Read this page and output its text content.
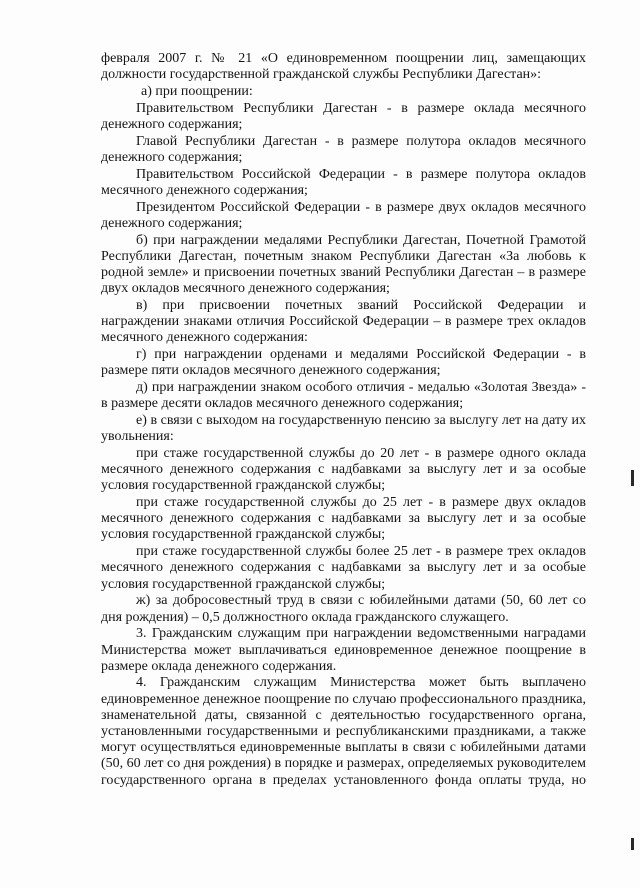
февраля 2007 г. № 21 «О единовременном поощрении лиц, замещающих должности государственной гражданской службы Республики Дагестан»:

а) при поощрении:

Правительством Республики Дагестан - в размере оклада месячного денежного содержания;

Главой Республики Дагестан - в размере полутора окладов месячного денежного содержания;

Правительством Российской Федерации - в размере полутора окладов месячного денежного содержания;

Президентом Российской Федерации - в размере двух окладов месячного денежного содержания;

б) при награждении медалями Республики Дагестан, Почетной Грамотой Республики Дагестан, почетным знаком Республики Дагестан «За любовь к родной земле» и присвоении почетных званий Республики Дагестан – в размере двух окладов месячного денежного содержания;

в) при присвоении почетных званий Российской Федерации и награждении знаками отличия Российской Федерации – в размере трех окладов месячного денежного содержания:

г) при награждении орденами и медалями Российской Федерации - в размере пяти окладов месячного денежного содержания;

д) при награждении знаком особого отличия - медалью «Золотая Звезда» - в размере десяти окладов месячного денежного содержания;

е) в связи с выходом на государственную пенсию за выслугу лет на дату их увольнения:

при стаже государственной службы до 20 лет - в размере одного оклада месячного денежного содержания с надбавками за выслугу лет и за особые условия государственной гражданской службы;

при стаже государственной службы до 25 лет - в размере двух окладов месячного денежного содержания с надбавками за выслугу лет и за особые условия государственной гражданской службы;

при стаже государственной службы более 25 лет - в размере трех окладов месячного денежного содержания с надбавками за выслугу лет и за особые условия государственной гражданской службы;

ж) за добросовестный труд в связи с юбилейными датами (50, 60 лет со дня рождения) – 0,5 должностного оклада гражданского служащего.

3. Гражданским служащим при награждении ведомственными наградами Министерства может выплачиваться единовременное денежное поощрение в размере оклада денежного содержания.

4. Гражданским служащим Министерства может быть выплачено единовременное денежное поощрение по случаю профессионального праздника, знаменательной даты, связанной с деятельностью государственного органа, установленными государственными и республиканскими праздниками, а также могут осуществляться единовременные выплаты в связи с юбилейными датами (50, 60 лет со дня рождения) в порядке и размерах, определяемых руководителем государственного органа в пределах установленного фонда оплаты труда, но
